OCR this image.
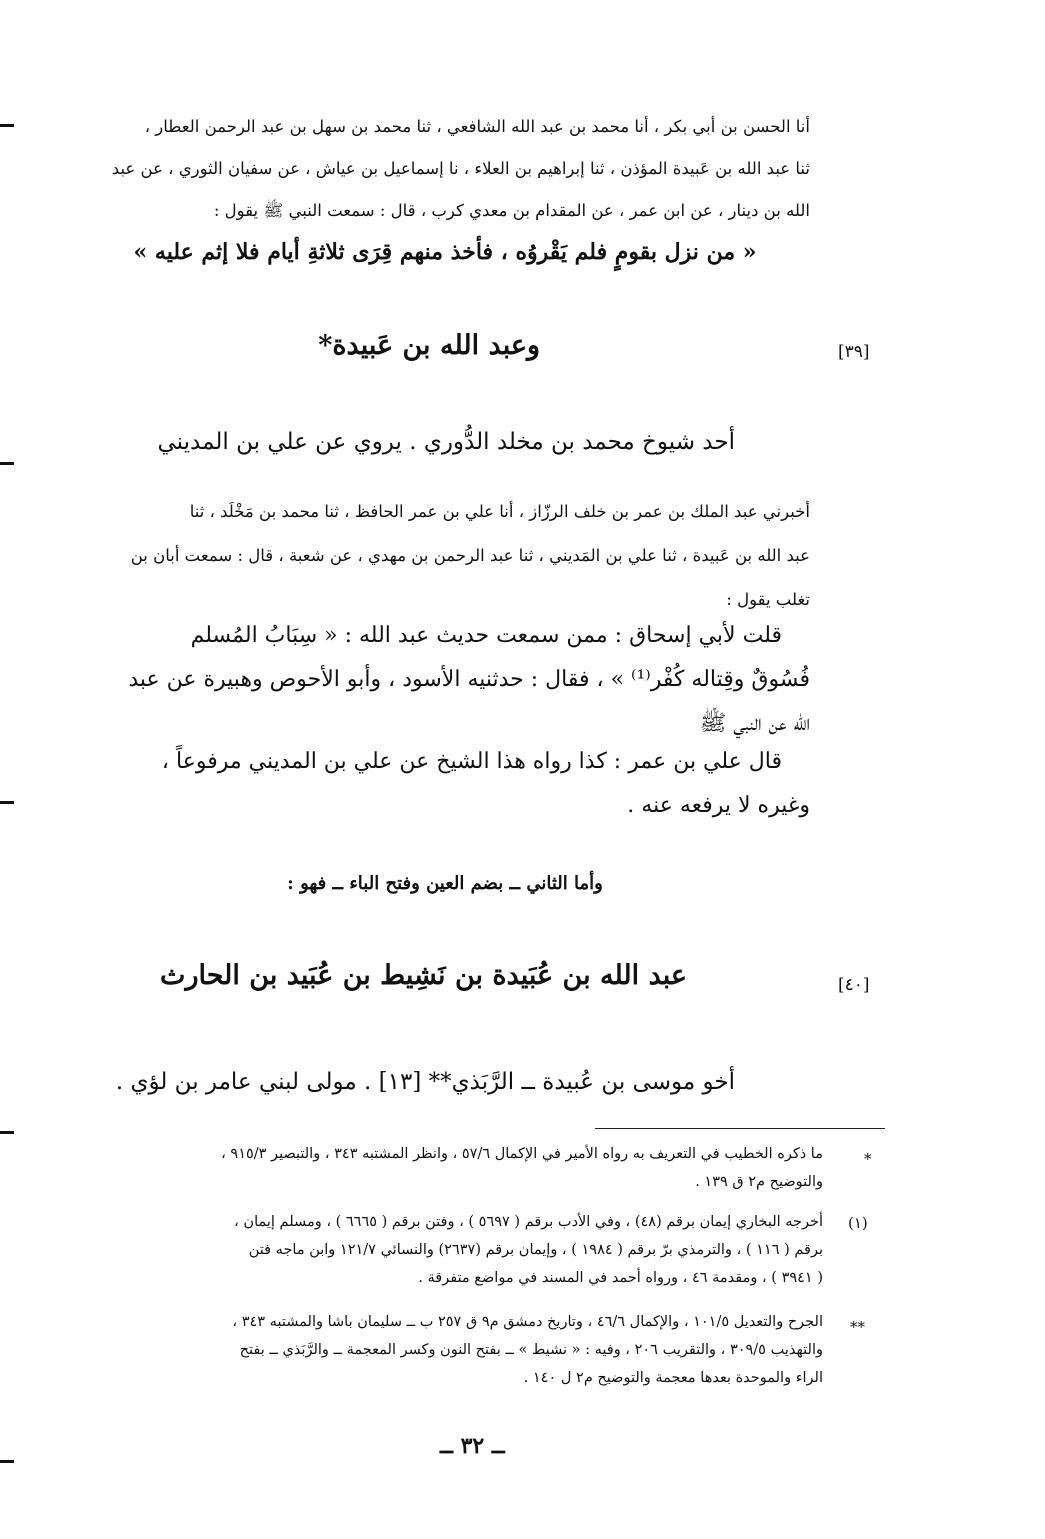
أنا الحسن بن أبي بكر ، أنا محمد بن عبد الله الشافعي ، ثنا محمد بن سهل بن عبد الرحمن العطار ،
ثنا عبد الله بن عَبيدة المؤذن ، ثنا إبراهيم بن العلاء ، نا إسماعيل بن عياش ، عن سفيان الثوري ، عن عبد
الله بن دينار ، عن ابن عمر ، عن المقدام بن معدي كرب ، قال : سمعت النبي ﷺ يقول :
« من نزل بقومٍ فلم يَقْروُه ، فأخذ منهم قِرَى ثلاثةِ أيام فلا إثم عليه »
[٣٩]
وعبد الله بن عَبيدة*
أحد شيوخ محمد بن مخلد الدُّوري . يروي عن علي بن المديني
أخبرني عبد الملك بن عمر بن خلف الرزّاز ، أنا علي بن عمر الحافظ ، ثنا محمد بن مَخْلَد ، ثنا
عبد الله بن عَبيدة ، ثنا علي بن المَديني ، ثنا عبد الرحمن بن مهدي ، عن شعبة ، قال : سمعت أبان بن
تغلب يقول :
قلت لأبي إسحاق : ممن سمعت حديث عبد الله : « سِبَابُ المُسلم
فُسُوقٌ وقِتاله كُفْر⁽¹⁾ » ، فقال : حدثنيه الأسود ، وأبو الأحوص وهبيرة عن عبد
الله عن النبي ﷺ
قال علي بن عمر : كذا رواه هذا الشيخ عن علي بن المديني مرفوعاً ،
وغيره لا يرفعه عنه .
وأما الثاني ــ بضم العين وفتح الباء ــ فهو :
[٤٠]
عبد الله بن عُبَيدة بن نَشِيط بن عُبَيد بن الحارث
أخو موسى بن عُبيدة ــ الرَّبَذي** [١٣] . مولى لبني عامر بن لؤي .
*
ما ذكره الخطيب في التعريف به رواه الأمير في الإكمال ٥٧/٦ ، وانظر المشتبه ٣٤٣ ، والتبصير ٩١٥/٣ ،
والتوضيح م٢ ق ١٣٩ .
(١)
أخرجه البخاري إيمان برقم (٤٨) ، وفي الأدب برقم ( ٥٦٩٧ ) ، وفتن برقم ( ٦٦٦٥ ) ، ومسلم إيمان ،
برقم ( ١١٦ ) ، والترمذي برّ برقم ( ١٩٨٤ ) ، وإيمان برقم (٢٦٣٧) والنسائي ١٢١/٧ وابن ماجه فتن
( ٣٩٤١ ) ، ومقدمة ٤٦ ، ورواه أحمد في المسند في مواضع متفرقة .
**
الجرح والتعديل ١٠١/٥ ، والإكمال ٤٦/٦ ، وتاريخ دمشق م٩ ق ٢٥٧ ب ــ سليمان باشا والمشتبه ٣٤٣ ،
والتهذيب ٣٠٩/٥ ، والتقريب ٢٠٦ ، وفيه : « نشيط » ــ بفتح النون وكسر المعجمة ــ والرَّبَذي ــ بفتح
الراء والموحدة بعدها معجمة والتوضيح م٢ ل ١٤٠ .
ــ ٣٢ ــ
